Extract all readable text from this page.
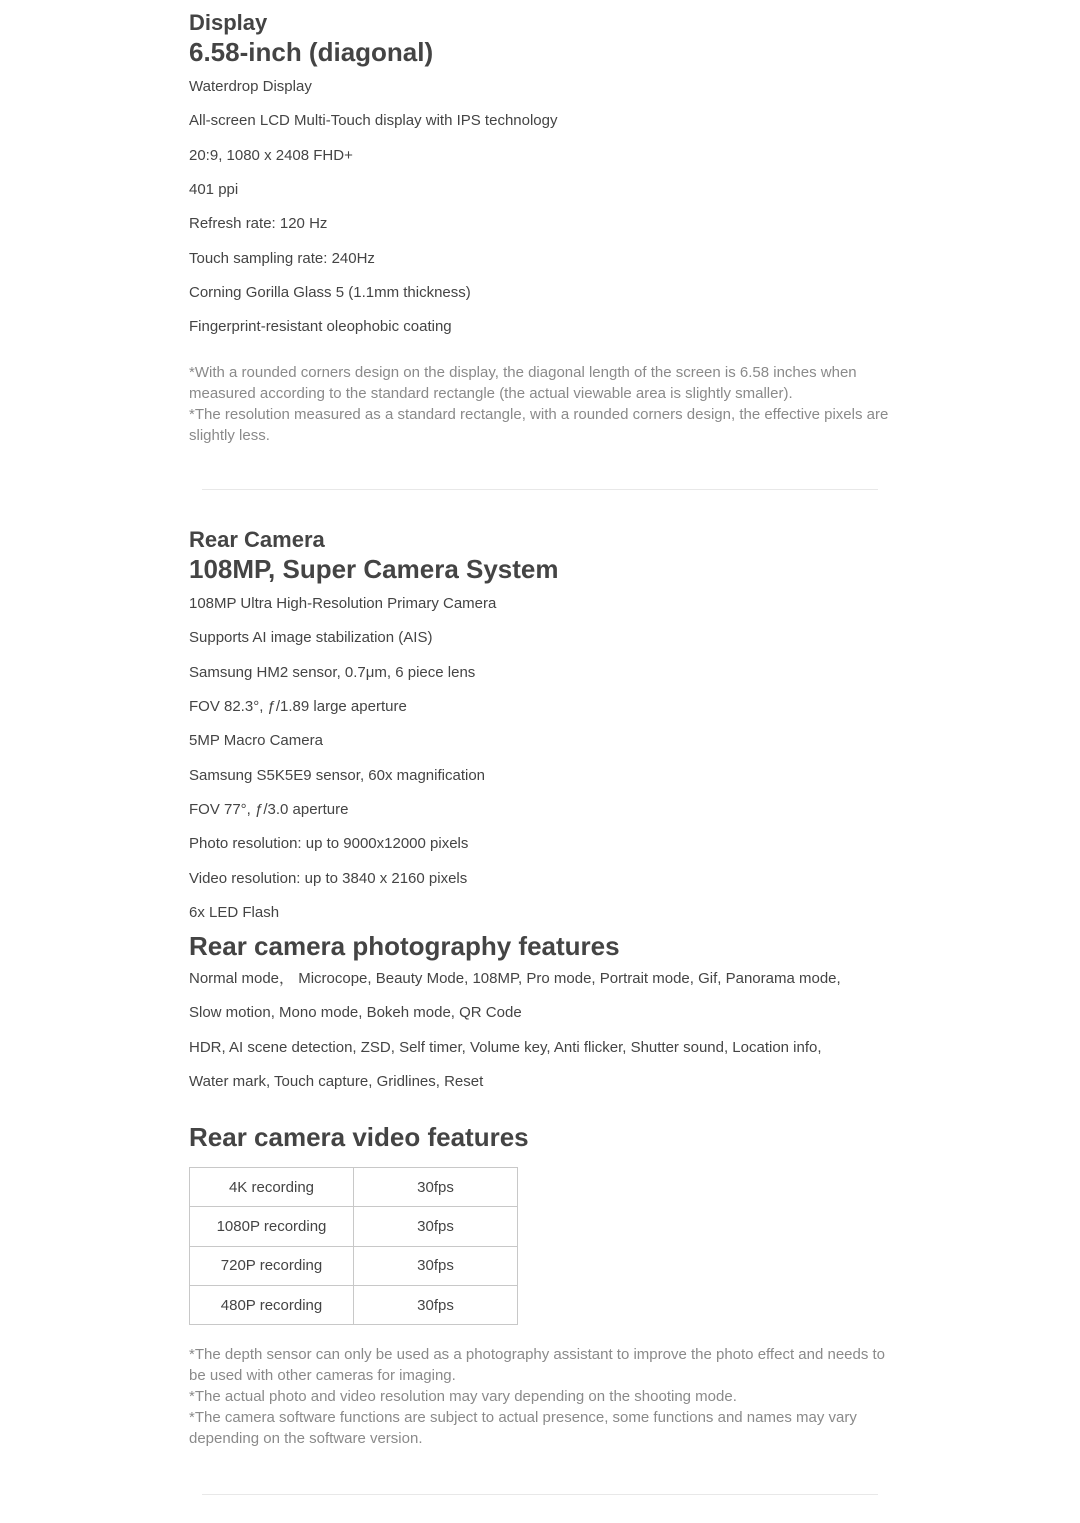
Display
6.58-inch (diagonal)
Waterdrop Display
All-screen LCD Multi-Touch display with IPS technology
20:9, 1080 x 2408 FHD+
401 ppi
Refresh rate: 120 Hz
Touch sampling rate: 240Hz
Corning Gorilla Glass 5 (1.1mm thickness)
Fingerprint-resistant oleophobic coating
*With a rounded corners design on the display, the diagonal length of the screen is 6.58 inches when measured according to the standard rectangle (the actual viewable area is slightly smaller).
*The resolution measured as a standard rectangle, with a rounded corners design, the effective pixels are slightly less.
Rear Camera
108MP, Super Camera System
108MP Ultra High-Resolution Primary Camera
Supports AI image stabilization (AIS)
Samsung HM2 sensor, 0.7μm, 6 piece lens
FOV 82.3°, ƒ/1.89 large aperture
5MP Macro Camera
Samsung S5K5E9 sensor, 60x magnification
FOV 77°, ƒ/3.0 aperture
Photo resolution: up to 9000x12000 pixels
Video resolution: up to 3840 x 2160 pixels
6x LED Flash
Rear camera photography features
Normal mode， Microcope, Beauty Mode, 108MP, Pro mode, Portrait mode, Gif, Panorama mode,
Slow motion, Mono mode, Bokeh mode, QR Code
HDR, AI scene detection, ZSD, Self timer, Volume key, Anti flicker, Shutter sound, Location info,
Water mark, Touch capture, Gridlines, Reset
Rear camera video features
4K recording	30fps
1080P recording	30fps
720P recording	30fps
480P recording	30fps
*The depth sensor can only be used as a photography assistant to improve the photo effect and needs to be used with other cameras for imaging.
*The actual photo and video resolution may vary depending on the shooting mode.
*The camera software functions are subject to actual presence, some functions and names may vary depending on the software version.
